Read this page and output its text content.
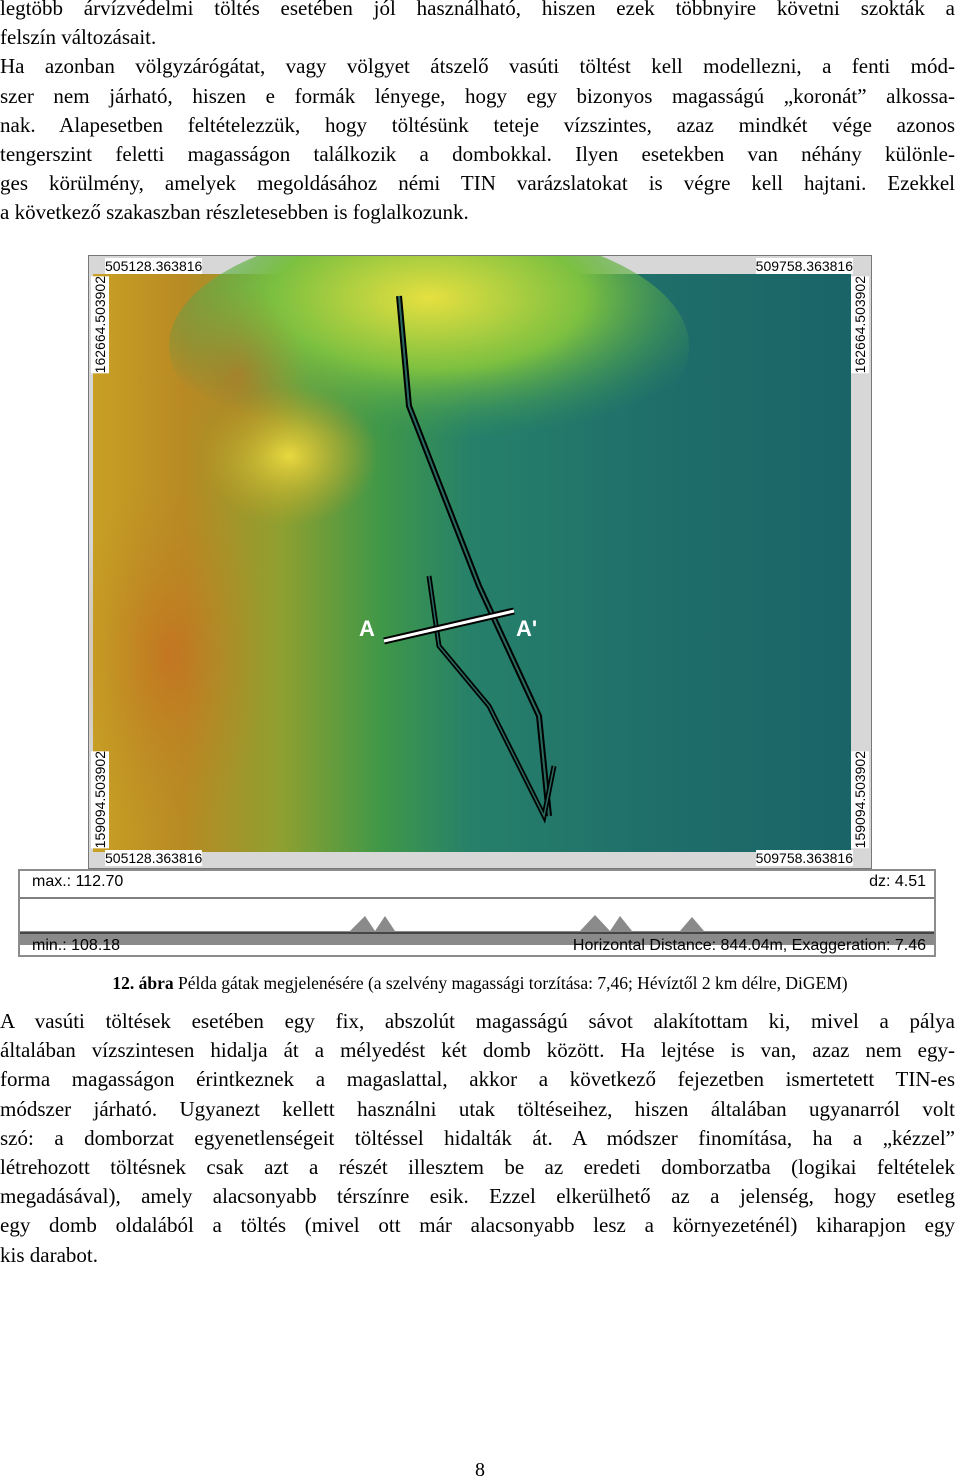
legtöbb árvízvédelmi töltés esetében jól használható, hiszen ezek többnyire követni szokták a
felszín változásait.
Ha azonban völgyzárógátat, vagy völgyet átszelő vasúti töltést kell modellezni, a fenti mód-
szer nem járható, hiszen e formák lényege, hogy egy bizonyos magasságú „koronát” alkossa-
nak. Alapesetben feltételezzük, hogy töltésünk teteje vízszintes, azaz mindkét vége azonos
tengerszint feletti magasságon találkozik a dombokkal. Ilyen esetekben van néhány különle-
ges körülmény, amelyek megoldásához némi TIN varázslatokat is végre kell hajtani. Ezekkel
a következő szakaszban részletesebben is foglalkozunk.
A	A'
505128.363816	509758.363816
505128.363816	509758.363816
162664.503902	162664.503902
159094.503902	159094.503902
max.: 112.70	dz: 4.51
min.: 108.18	Horizontal Distance: 844.04m, Exaggeration: 7.46
A	A'
12. ábra Példa gátak megjelenésére (a szelvény magassági torzítása: 7,46; Hévíztől 2 km délre, DiGEM)
A vasúti töltések esetében egy fix, abszolút magasságú sávot alakítottam ki, mivel a pálya
általában vízszintesen hidalja át a mélyedést két domb között. Ha lejtése is van, azaz nem egy-
forma magasságon érintkeznek a magaslattal, akkor a következő fejezetben ismertetett TIN-es
módszer járható. Ugyanezt kellett használni utak töltéseihez, hiszen általában ugyanarról volt
szó: a domborzat egyenetlenségeit töltéssel hidalták át. A módszer finomítása, ha a „kézzel”
létrehozott töltésnek csak azt a részét illesztem be az eredeti domborzatba (logikai feltételek
megadásával), amely alacsonyabb térszínre esik. Ezzel elkerülhető az a jelenség, hogy esetleg
egy domb oldalából a töltés (mivel ott már alacsonyabb lesz a környezeténél) kiharapjon egy
kis darabot.
8
